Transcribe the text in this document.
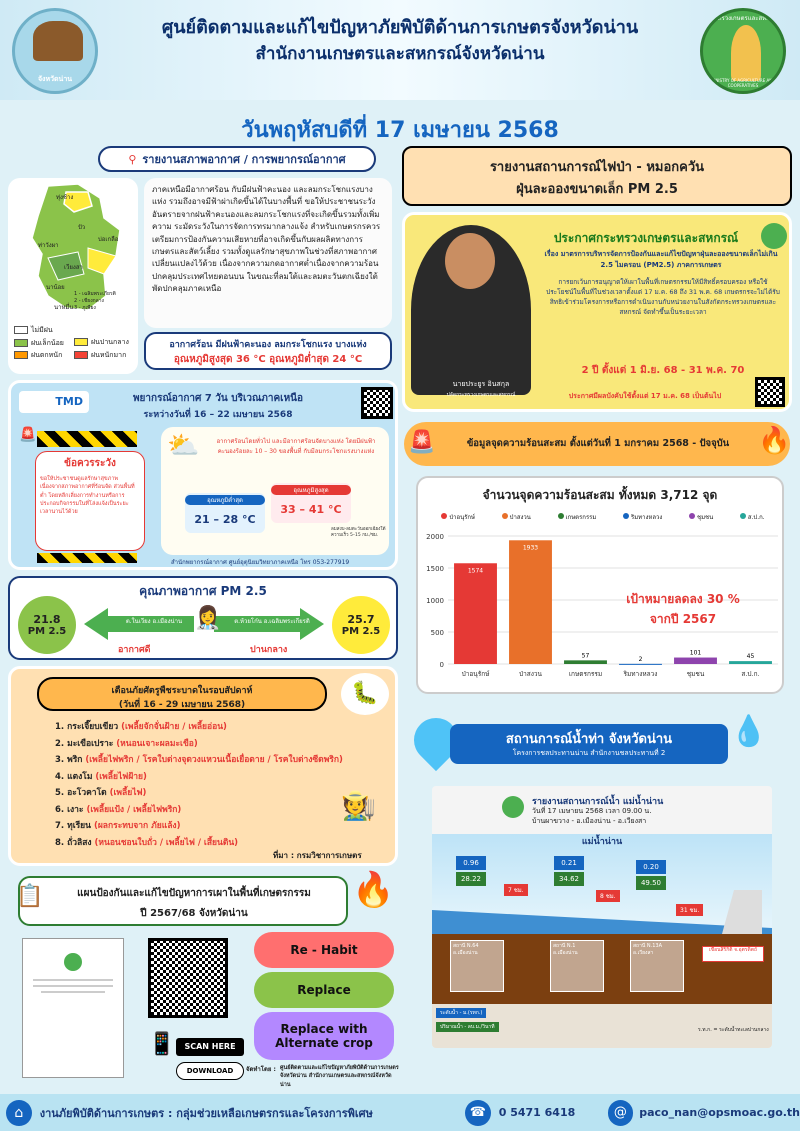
จังหวัดน่าน
ศูนย์ติดตามและแก้ไขปัญหาภัยพิบัติด้านการเกษตรจังหวัดน่าน
สำนักงานเกษตรและสหกรณ์จังหวัดน่าน
กระทรวงเกษตรและสหกรณ์
MINISTRY OF AGRICULTURE AND COOPERATIVES
วันพฤหัสบดีที่ 17 เมษายน 2568
⚲ รายงานสภาพอากาศ / การพยากรณ์อากาศ
ทุ่งช้าง
1 - เฉลิมพระเกียรติ
2 - เชียงกลาง
3 - ภูเพียง
ปัว
ท่าวังผา
เวียงสา
นาน้อย
นาหมื่น
บ่อเกลือ
ไม่มีฝน
ฝนเล็กน้อย
ฝนตกหนัก
ฝนปานกลาง
ฝนหนักมาก
ภาคเหนือมีอากาศร้อน กับมีฝนฟ้าคะนอง และลมกระโชกแรงบางแห่ง รวมถึงอาจมีฟ้าผ่าเกิดขึ้นได้ในบางพื้นที่ ขอให้ประชาชนระวังอันตรายจากฝนฟ้าคะนองและลมกระโชกแรงที่จะเกิดขึ้นรวมทั้งเพิ่มความ ระมัดระวังในการจัดการทรมากลางแจ้ง สำหรับเกษตรกรควรเตรียมการป้องกันความเสียหายที่อาจเกิดขึ้นกับผลผลิตทางการเกษตรและสัตว์เลี้ยง รวมทั้งดูแลรักษาสุขภาพในช่วงที่สภาพอากาศเปลี่ยนแปลงไว้ด้วย เนื่องจากความกดอากาศต่ำเนื่องจากความร้อนปกคลุมประเทศไทยตอนบน ในขณะที่ลมใต้และลมตะวันตกเฉียงใต้พัดปกคลุมภาคเหนือ
อากาศร้อน มีฝนฟ้าคะนอง ลมกระโชกแรง บางแห่ง
อุณหภูมิสูงสุด 36 °C อุณหภูมิต่ำสุด 24 °C
TMD	พยากรณ์อากาศ 7 วัน บริเวณภาคเหนือ
ระหว่างวันที่ 16 – 22 เมษายน 2568
🚨
ข้อควรระวัง
ขอให้ประชาชนดูแลรักษาสุขภาพ เนื่องจากสภาพอากาศที่ร้อนจัด ส่วนพื้นที่ต่ำ โดยหลีกเลี่ยงการทำงานหรือการประกอบกิจกรรมในที่โล่งแจ้งเป็นระยะเวลานานไว้ด้วย
⛅	อากาศร้อนโดยทั่วไป และมีอากาศร้อนจัดบางแห่ง โดยมีฝนฟ้าคะนองร้อยละ 10 – 30 ของพื้นที่ กับมีลมกระโชกแรงบางแห่ง
อุณหภูมิต่ำสุด
21 – 28 °C
อุณหภูมิสูงสุด
33 – 41 °C
ลมสงบ-ลมตะวันออกเฉียงใต้ ความเร็ว 5–15 กม./ชม.
สำนักพยากรณ์อากาศ ศูนย์อุตุนิยมวิทยาภาคเหนือ โทร 053-277919
คุณภาพอากาศ PM 2.5
21.8
PM 2.5
ต.ในเวียง อ.เมืองน่าน	ต.ห้วยโก๋น อ.เฉลิมพระเกียรติ
👩‍⚕️
อากาศดี	ปานกลาง
25.7
PM 2.5
เตือนภัยศัตรูพืชระบาดในรอบสัปดาห์
(วันที่ 16 - 29 เมษายน 2568)	🐛
1. กระเจี๊ยบเขียว (เพลี้ยจักจั่นฝ้าย / เพลี้ยอ่อน)
2. มะเขือเปราะ (หนอนเจาะผลมะเขือ)
3. พริก (เพลี้ยไฟพริก / โรคใบด่างจุดวงแหวนเนื้อเยื่อตาย / โรคใบด่างซีดพริก)
4. แตงโม (เพลี้ยไฟฝ้าย)
5. อะโวคาโด (เพลี้ยไฟ)
6. เงาะ (เพลี้ยแป้ง / เพลี้ยไฟพริก)
7. ทุเรียน (ผลกระทบจาก ภัยแล้ง)
8. ถั่วลิสง (หนอนชอนใบถั่ว / เพลี้ยไฟ / เสี้ยนดิน)
🧑‍🌾
ที่มา : กรมวิชาการเกษตร
📋	แผนป้องกันและแก้ไขปัญหาการเผาในพื้นที่เกษตรกรรม
ปี 2567/68 จังหวัดน่าน
🔥
📱	SCAN HERE
DOWNLOAD
Re - Habit
Replace
Replace with Alternate crop
จัดทำโดย : ศูนย์ติดตามและแก้ไขปัญหาภัยพิบัติด้านการเกษตรจังหวัดน่าน สำนักงานเกษตรและสหกรณ์จังหวัดน่าน
รายงานสถานการณ์ไฟป่า - หมอกควัน
ฝุ่นละอองขนาดเล็ก PM 2.5
นายประยูร อินสกุล
ปลัดกระทรวงเกษตรและสหกรณ์
ประกาศกระทรวงเกษตรและสหกรณ์
เรื่อง มาตรการบริหารจัดการป้องกันและแก้ไขปัญหาฝุ่นละอองขนาดเล็กไม่เกิน 2.5 ไมครอน (PM2.5) ภาคการเกษตร
การยกเว้นการอนุญาตให้เผาในพื้นที่เกษตรกรรมให้มีสิทธิ์ครอบครอง หรือใช้ประโยชน์ในพื้นที่ในช่วงเวลาตั้งแต่ 17 ม.ค. 68 ถึง 31 พ.ค. 68 เกษตรกรจะไม่ได้รับสิทธิเข้าร่วมโครงการหรือการดำเนินงานกับหน่วยงานในสังกัดกระทรวงเกษตรและสหกรณ์ จัดทำขึ้นเป็นระยะเวลา
2 ปี ตั้งแต่ 1 มิ.ย. 68 - 31 พ.ค. 70
ประกาศมีผลบังคับใช้ตั้งแต่ 17 ม.ค. 68 เป็นต้นไป
🚨	ข้อมูลจุดความร้อนสะสม ตั้งแต่วันที่ 1 มกราคม 2568 - ปัจจุบัน	🔥
จำนวนจุดความร้อนสะสม ทั้งหมด 3,712 จุด
ป่าอนุรักษ์	ป่าสงวน	เกษตรกรรม	ริมทางหลวง	ชุมชน	ส.ป.ก.
0
500
1000
1500
2000
1574
ป่าอนุรักษ์
1933
ป่าสงวน
57
เกษตรกรรม
2
ริมทางหลวง
101
ชุมชน
45
ส.ป.ก.
เป้าหมายลดลง 30 %
จากปี 2567
สถานการณ์น้ำท่า จังหวัดน่าน
โครงการชลประทานน่าน สำนักงานชลประทานที่ 2
💧
รายงานสถานการณ์น้ำ แม่น้ำน่าน
วันที่ 17 เมษายน 2568 เวลา 09.00 น.
บ้านผาขวาง - อ.เมืองน่าน - อ.เวียงสา
แม่น้ำน่าน
0.96
28.22
0.21
34.62
0.20
49.50
7 ชม.
8 ชม.
31 ชม.
สถานี N.64
อ.เมืองน่าน
สถานี N.1
อ.เมืองน่าน
สถานี N.13A
อ.เวียงสา	เขื่อนสิริกิติ์ จ.อุตรดิตถ์
ระดับน้ำ - ม.(รทก.)
ปริมาณน้ำ - ลบ.ม./วินาที	ร.ท.ก. = ระดับน้ำทะเลปานกลาง
⌂	งานภัยพิบัติด้านการเกษตร : กลุ่มช่วยเหลือเกษตรกรและโครงการพิเศษ	☎	0 5471 6418	@	paco_nan@opsmoac.go.th
